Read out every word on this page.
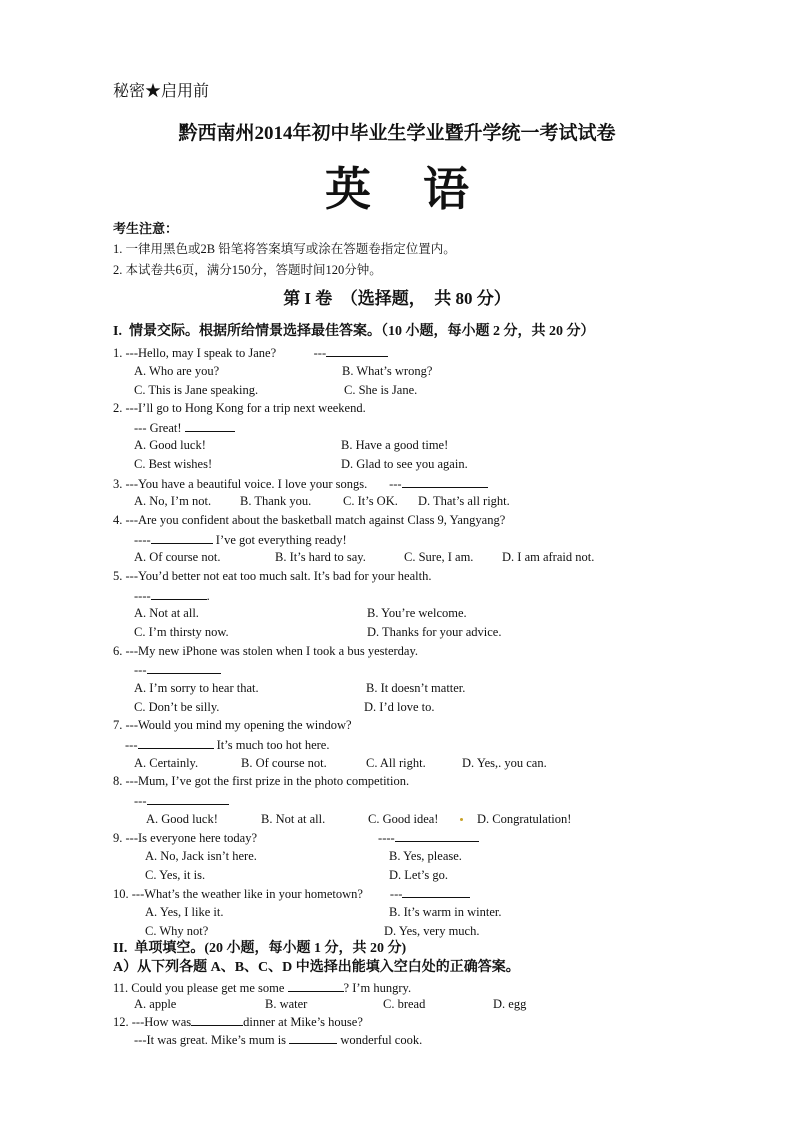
秘密★启用前
黔西南州2014年初中毕业生学业暨升学统一考试试卷
英语
考生注意：
1. 一律用黑色或2B 铅笔将答案填写或涂在答题卷指定位置内。
2. 本试卷共6页，满分150分，答题时间120分钟。
第 I 卷　（选择题，　共 80 分）
I.  情景交际。根据所给情景选择最佳答案。（10 小题，每小题 2 分，共 20 分）
1. ---Hello, may I speak to Jane?	---
A. Who are you?	B. What’s wrong?
C. This is Jane speaking.	C. She is Jane.
2. ---I’ll go to Hong Kong for a trip next weekend.
--- Great!
A. Good luck!	B. Have a good time!
C. Best wishes!	D. Glad to see you again.
3. ---You have a beautiful voice. I love your songs. ---
A. No, I’m not. B. Thank you.	C. It’s OK. D. That’s all right.
4. ---Are you confident about the basketball match against Class 9, Yangyang?
----	I’ve got everything ready!
A. Of course not.	B. It’s hard to say.	C. Sure, I am. D. I am afraid not.
5. ---You’d better not eat too much salt. It’s bad for your health.
----	.
A. Not at all.	B. You’re welcome.
C. I’m thirsty now.	D. Thanks for your advice.
6. ---My new iPhone was stolen when I took a bus yesterday.
---
A. I’m sorry to hear that.	B. It doesn’t matter.
C. Don’t be silly.	D. I’d love to.
7. ---Would you mind my opening the window?
---	It’s much too hot here.
A. Certainly.	B. Of course not.	C. All right.	D. Yes,. you can.
8. ---Mum, I’ve got the first prize in the photo competition.
---
A. Good luck!	B. Not at all.	C. Good idea!	D. Congratulation!
9. ---Is everyone here today?	----
A. No, Jack isn’t here.	B. Yes, please.
C. Yes, it is.	D. Let’s go.
10. ---What’s the weather like in your hometown? ---
A. Yes, I like it.	B. It’s warm in winter.
C. Why not?	D. Yes, very much.
II.  单项填空。(20 小题，每小题 1 分，共 20 分)
A）从下列各题 A、B、C、D 中选择出能填入空白处的正确答案。
11. Could you please get me some	? I’m hungry.
A. apple	B. water	C. bread	D. egg
12. ---How was	dinner at Mike’s house?
---It was great. Mike’s mum is	wonderful cook.
